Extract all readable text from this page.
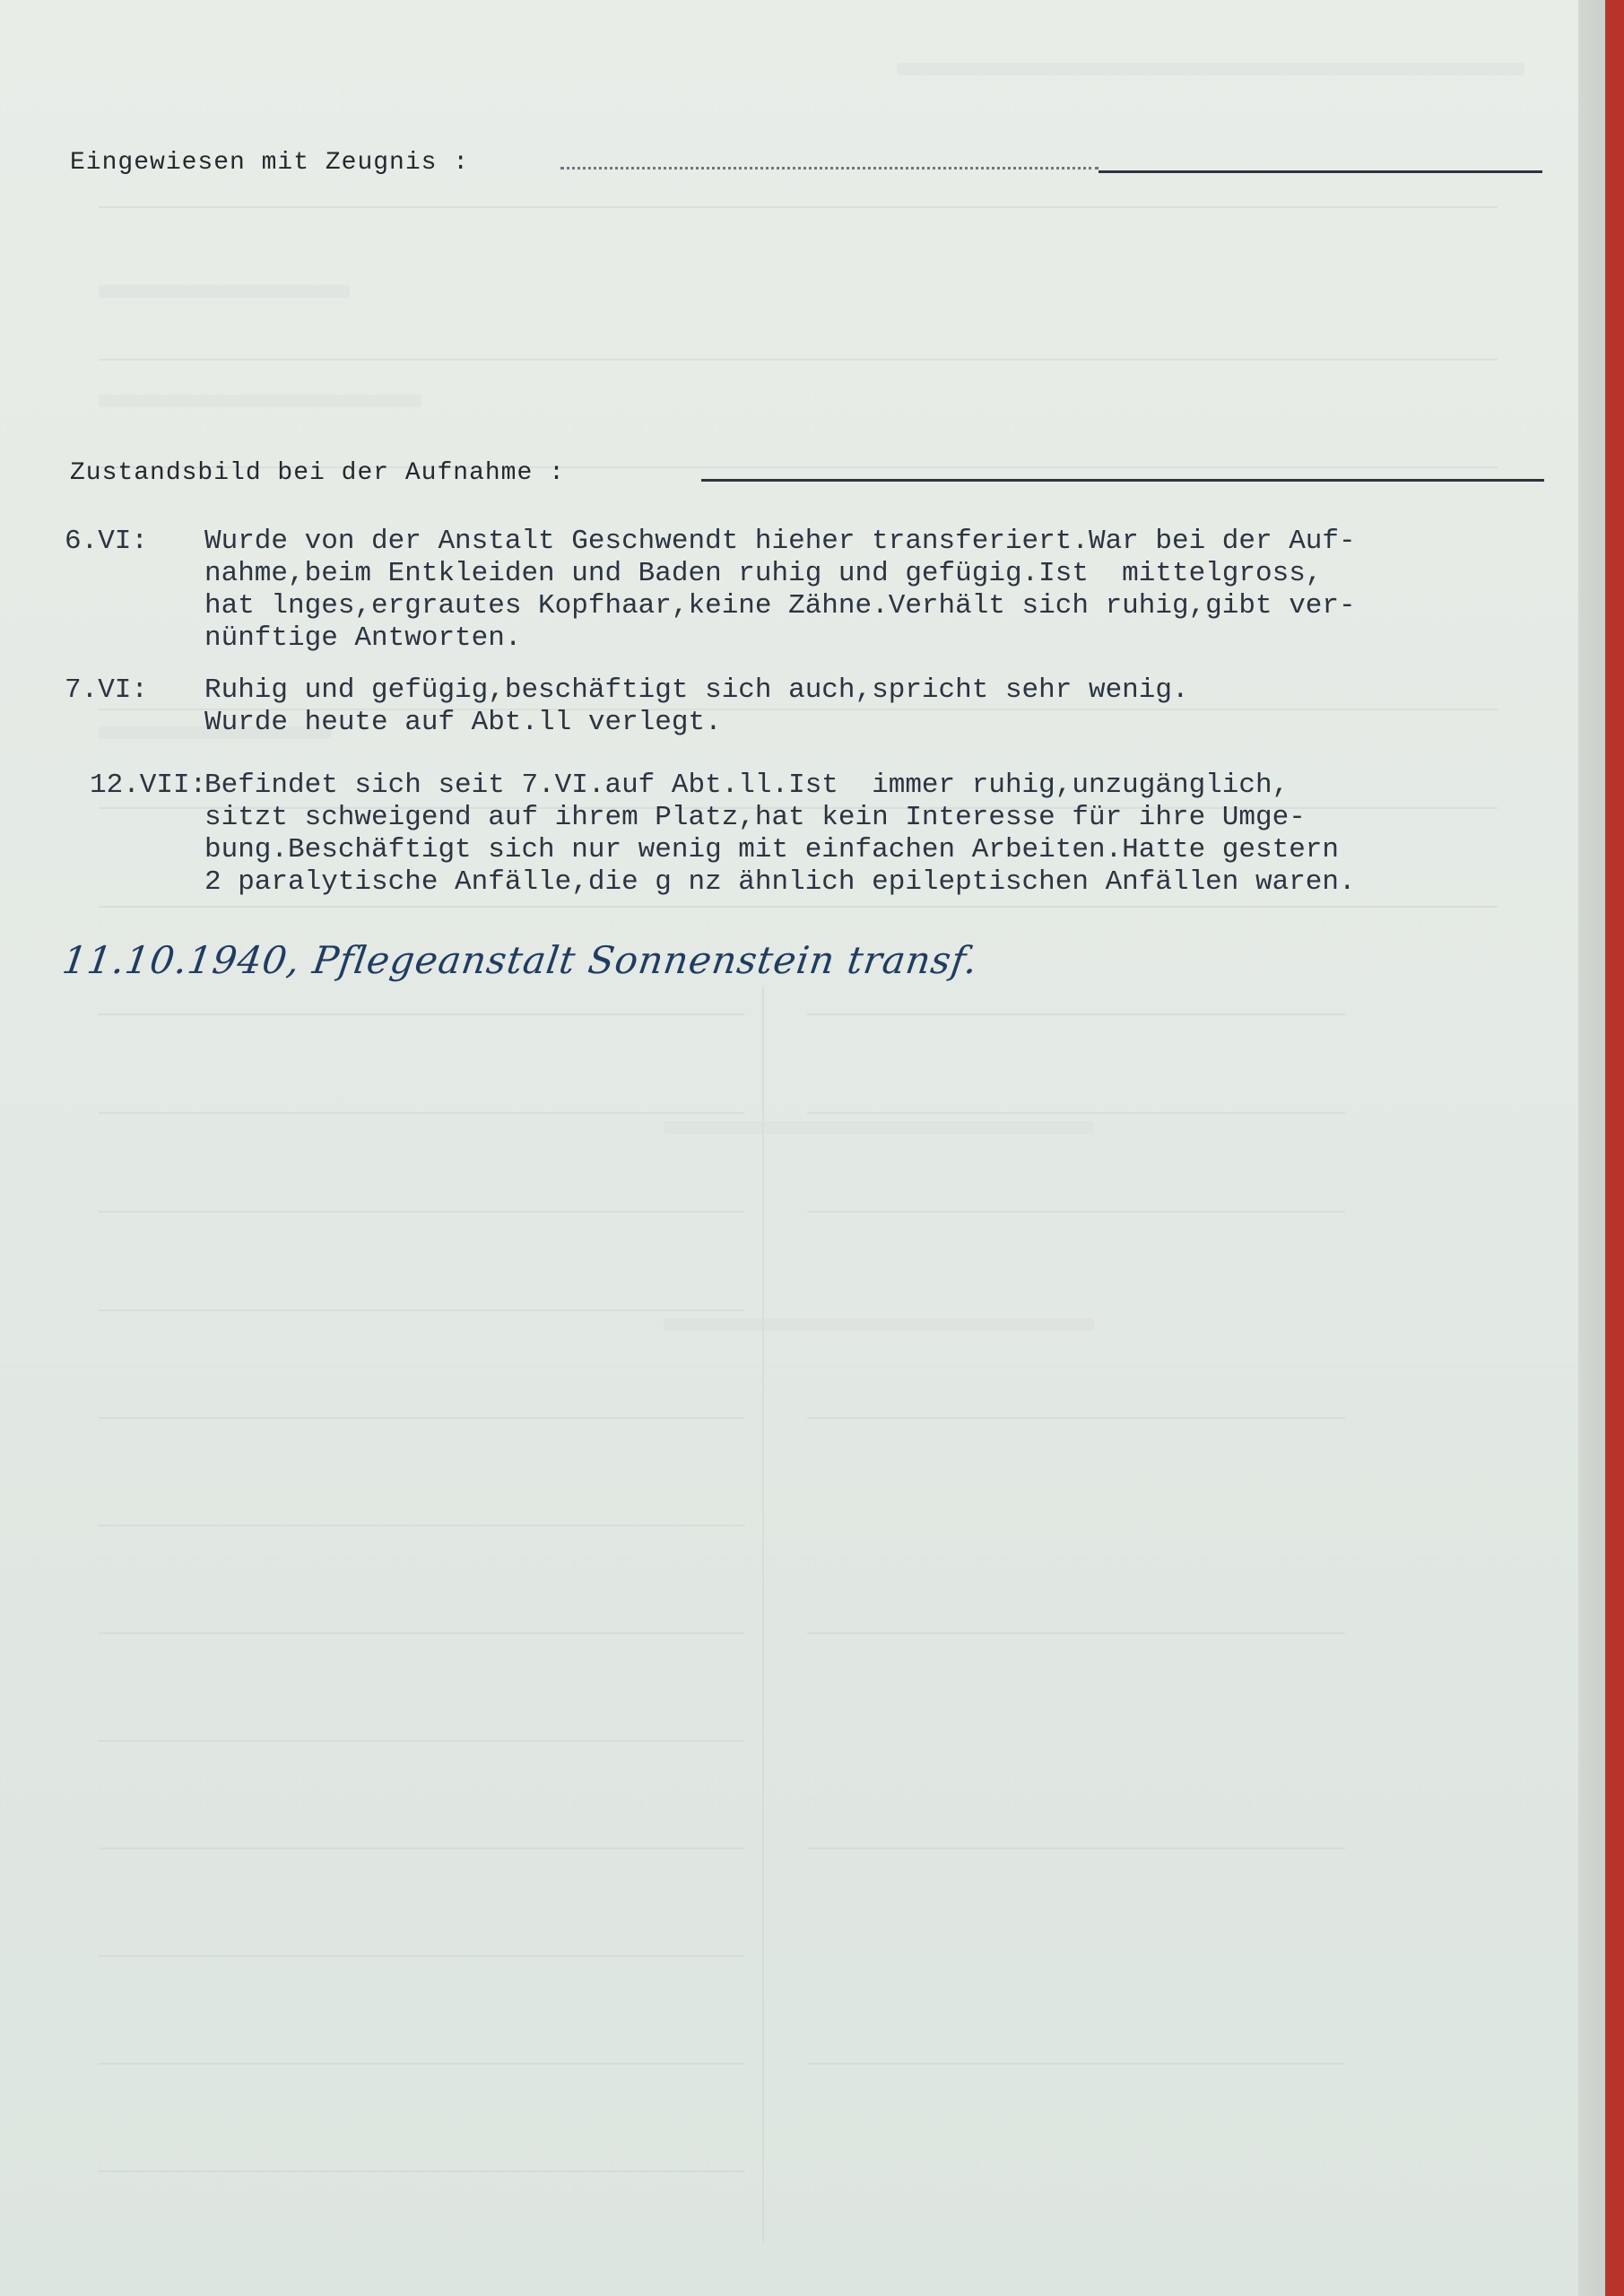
Eingewiesen mit Zeugnis :
Zustandsbild bei der Aufnahme :
6.VI: Wurde von der Anstalt Geschwendt hieher transferiert.War bei der Auf-
nahme,beim Entkleiden und Baden ruhig und gefügig.Ist  mittelgross,
hat lnges,ergrautes Kopfhaar,keine Zähne.Verhält sich ruhig,gibt ver-
nünftige Antworten.
7.VI: Ruhig und gefügig,beschäftigt sich auch,spricht sehr wenig.
Wurde heute auf Abt.ll verlegt.
12.VII:
Befindet sich seit 7.VI.auf Abt.ll.Ist  immer ruhig,unzugänglich,
sitzt schweigend auf ihrem Platz,hat kein Interesse für ihre Umge-
bung.Beschäftigt sich nur wenig mit einfachen Arbeiten.Hatte gestern
2 paralytische Anfälle,die g nz ähnlich epileptischen Anfällen waren.
11.10.1940, Pflegeanstalt Sonnenstein transf.
